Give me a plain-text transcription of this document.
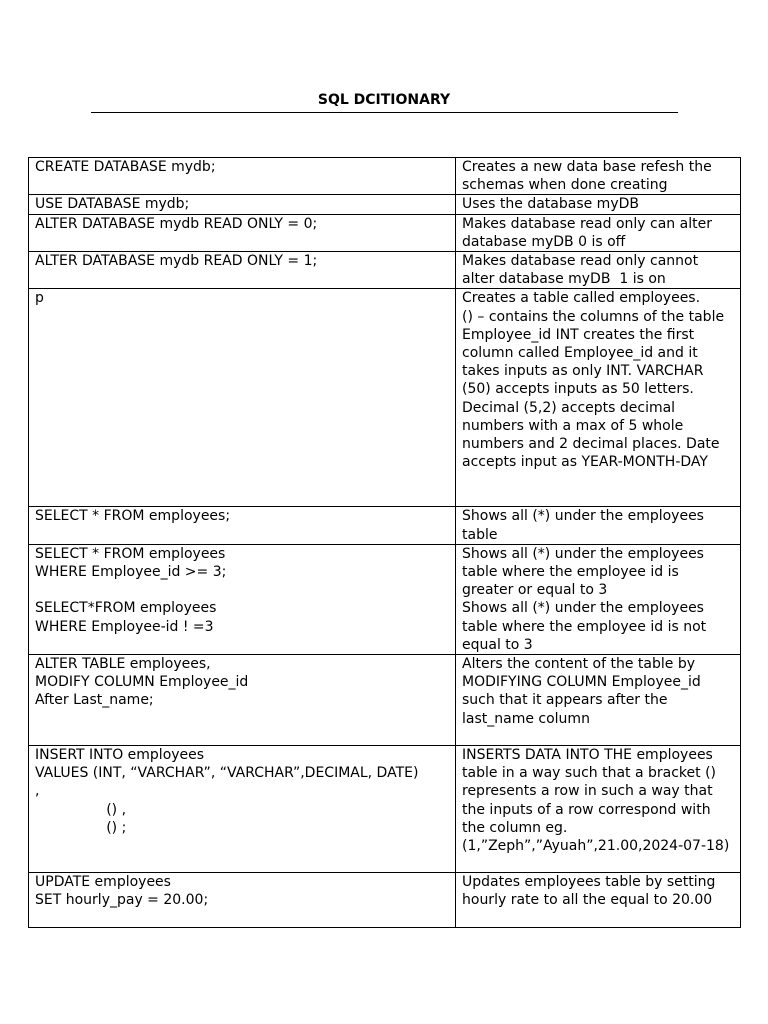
SQL DCITIONARY
CREATE DATABASE mydb;	Creates a new data base refesh the schemas when done creating
USE DATABASE mydb;	Uses the database myDB
ALTER DATABASE mydb READ ONLY = 0;	Makes database read only can alter database myDB 0 is off
ALTER DATABASE mydb READ ONLY = 1;	Makes database read only cannot alter database myDB  1 is on
p	Creates a table called employees.
() – contains the columns of the table
Employee_id INT creates the first column called Employee_id and it takes inputs as only INT. VARCHAR (50) accepts inputs as 50 letters. Decimal (5,2) accepts decimal numbers with a max of 5 whole numbers and 2 decimal places. Date accepts input as YEAR-MONTH-DAY
SELECT * FROM employees;	Shows all (*) under the employees table
SELECT * FROM employees
WHERE Employee_id >= 3;

SELECT*FROM employees
WHERE Employee-id ! =3	Shows all (*) under the employees table where the employee id is greater or equal to 3
Shows all (*) under the employees table where the employee id is not equal to 3
ALTER TABLE employees,
MODIFY COLUMN Employee_id
After Last_name;	Alters the content of the table by MODIFYING COLUMN Employee_id such that it appears after the last_name column
INSERT INTO employees
VALUES (INT, “VARCHAR”, “VARCHAR”,DECIMAL, DATE)
,
() ,
() ;	INSERTS DATA INTO THE employees table in a way such that a bracket () represents a row in such a way that the inputs of a row correspond with the column eg. (1,”Zeph”,”Ayuah”,21.00,2024-07-18)
UPDATE employees
SET hourly_pay = 20.00;	Updates employees table by setting hourly rate to all the equal to 20.00
